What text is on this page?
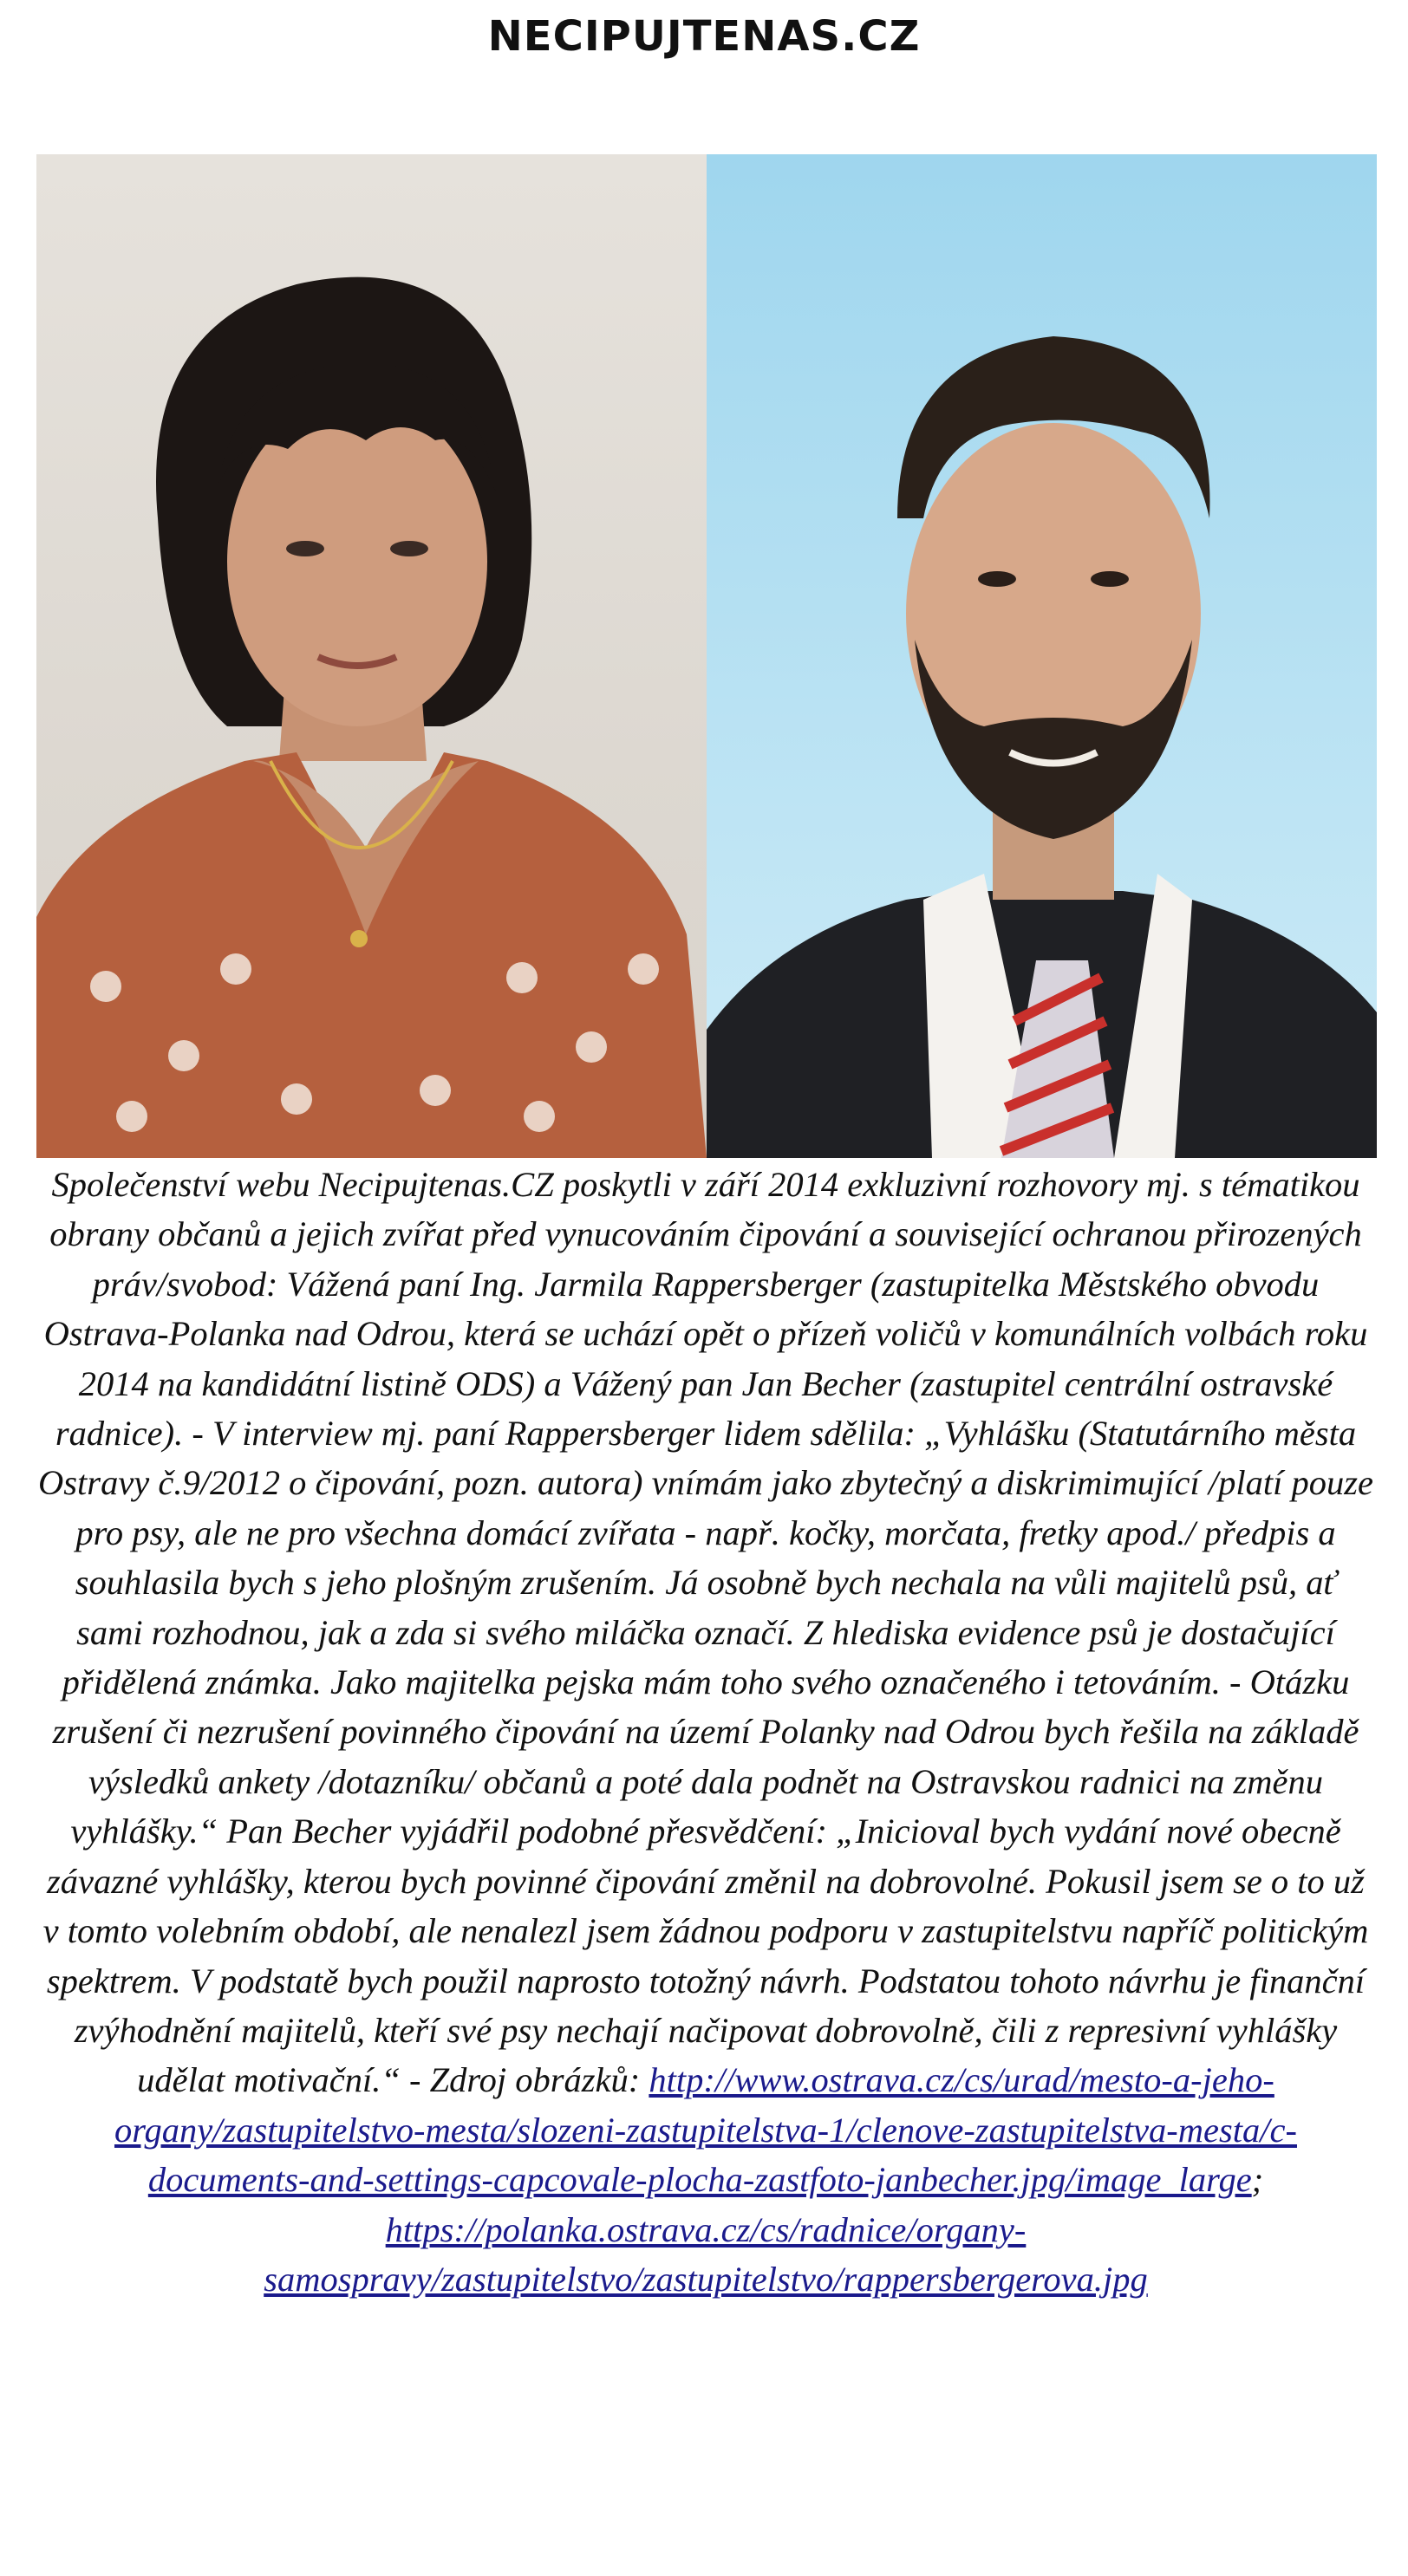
NECIPUJTENAS.CZ
Společenství webu Necipujtenas.CZ poskytli v září 2014 exkluzivní rozhovory mj. s tématikou obrany občanů a jejich zvířat před vynucováním čipování a související ochranou přirozených práv/svobod: Vážená paní Ing. Jarmila Rappersberger (zastupitelka Městského obvodu Ostrava-Polanka nad Odrou, která se uchází opět o přízeň voličů v komunálních volbách roku 2014 na kandidátní listině ODS) a Vážený pan Jan Becher (zastupitel centrální ostravské radnice). - V interview mj. paní Rappersberger lidem sdělila: „Vyhlášku (Statutárního města Ostravy č.9/2012 o čipování, pozn. autora) vnímám jako zbytečný a diskrimimující /platí pouze pro psy, ale ne pro všechna domácí zvířata - např. kočky, morčata, fretky apod./ předpis a souhlasila bych s jeho plošným zrušením. Já osobně bych nechala na vůli majitelů psů, ať sami rozhodnou, jak a zda si svého miláčka označí. Z hlediska evidence psů je dostačující přidělená známka. Jako majitelka pejska mám toho svého označeného i tetováním. - Otázku zrušení či nezrušení povinného čipování na území Polanky nad Odrou bych řešila na základě výsledků ankety /dotazníku/ občanů a poté dala podnět na Ostravskou radnici na změnu vyhlášky.“ Pan Becher vyjádřil podobné přesvědčení: „Inicioval bych vydání nové obecně závazné vyhlášky, kterou bych povinné čipování změnil na dobrovolné. Pokusil jsem se o to už v tomto volebním období, ale nenalezl jsem žádnou podporu v zastupitelstvu napříč politickým spektrem. V podstatě bych použil naprosto totožný návrh. Podstatou tohoto návrhu je finanční zvýhodnění majitelů, kteří své psy nechají načipovat dobrovolně, čili z represivní vyhlášky udělat motivační.“ - Zdroj obrázků: http://www.ostrava.cz/cs/urad/mesto-a-jeho-organy/zastupitelstvo-mesta/slozeni-zastupitelstva-1/clenove-zastupitelstva-mesta/c-documents-and-settings-capcovale-plocha-zastfoto-janbecher.jpg/image_large; https://polanka.ostrava.cz/cs/radnice/organy-samospravy/zastupitelstvo/zastupitelstvo/rappersbergerova.jpg
